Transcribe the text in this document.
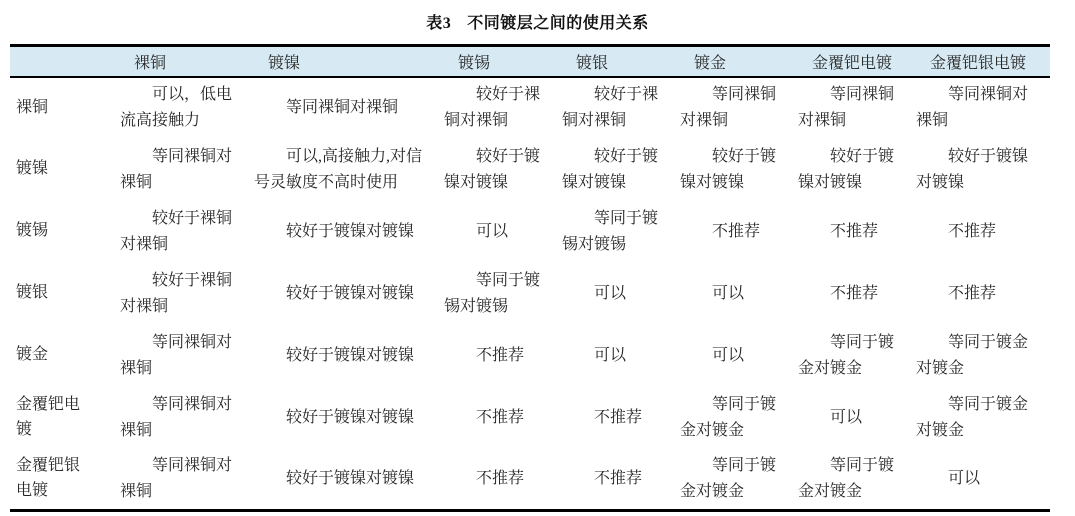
表3 不同镀层之间的使用关系
	裸铜	镀镍	镀锡	镀银	镀金	金覆钯电镀	金覆钯银电镀
裸铜	可以，低电流高接触力	等同裸铜对裸铜	较好于裸铜对裸铜	较好于裸铜对裸铜	等同裸铜对裸铜	等同裸铜对裸铜	等同裸铜对裸铜
镀镍	等同裸铜对裸铜	可以,高接触力,对信号灵敏度不高时使用	较好于镀镍对镀镍	较好于镀镍对镀镍	较好于镀镍对镀镍	较好于镀镍对镀镍	较好于镀镍对镀镍
镀锡	较好于裸铜对裸铜	较好于镀镍对镀镍	可以	等同于镀锡对镀锡	不推荐	不推荐	不推荐
镀银	较好于裸铜对裸铜	较好于镀镍对镀镍	等同于镀锡对镀锡	可以	可以	不推荐	不推荐
镀金	等同裸铜对裸铜	较好于镀镍对镀镍	不推荐	可以	可以	等同于镀金对镀金	等同于镀金对镀金
金覆钯电镀	等同裸铜对裸铜	较好于镀镍对镀镍	不推荐	不推荐	等同于镀金对镀金	可以	等同于镀金对镀金
金覆钯银电镀	等同裸铜对裸铜	较好于镀镍对镀镍	不推荐	不推荐	等同于镀金对镀金	等同于镀金对镀金	可以
